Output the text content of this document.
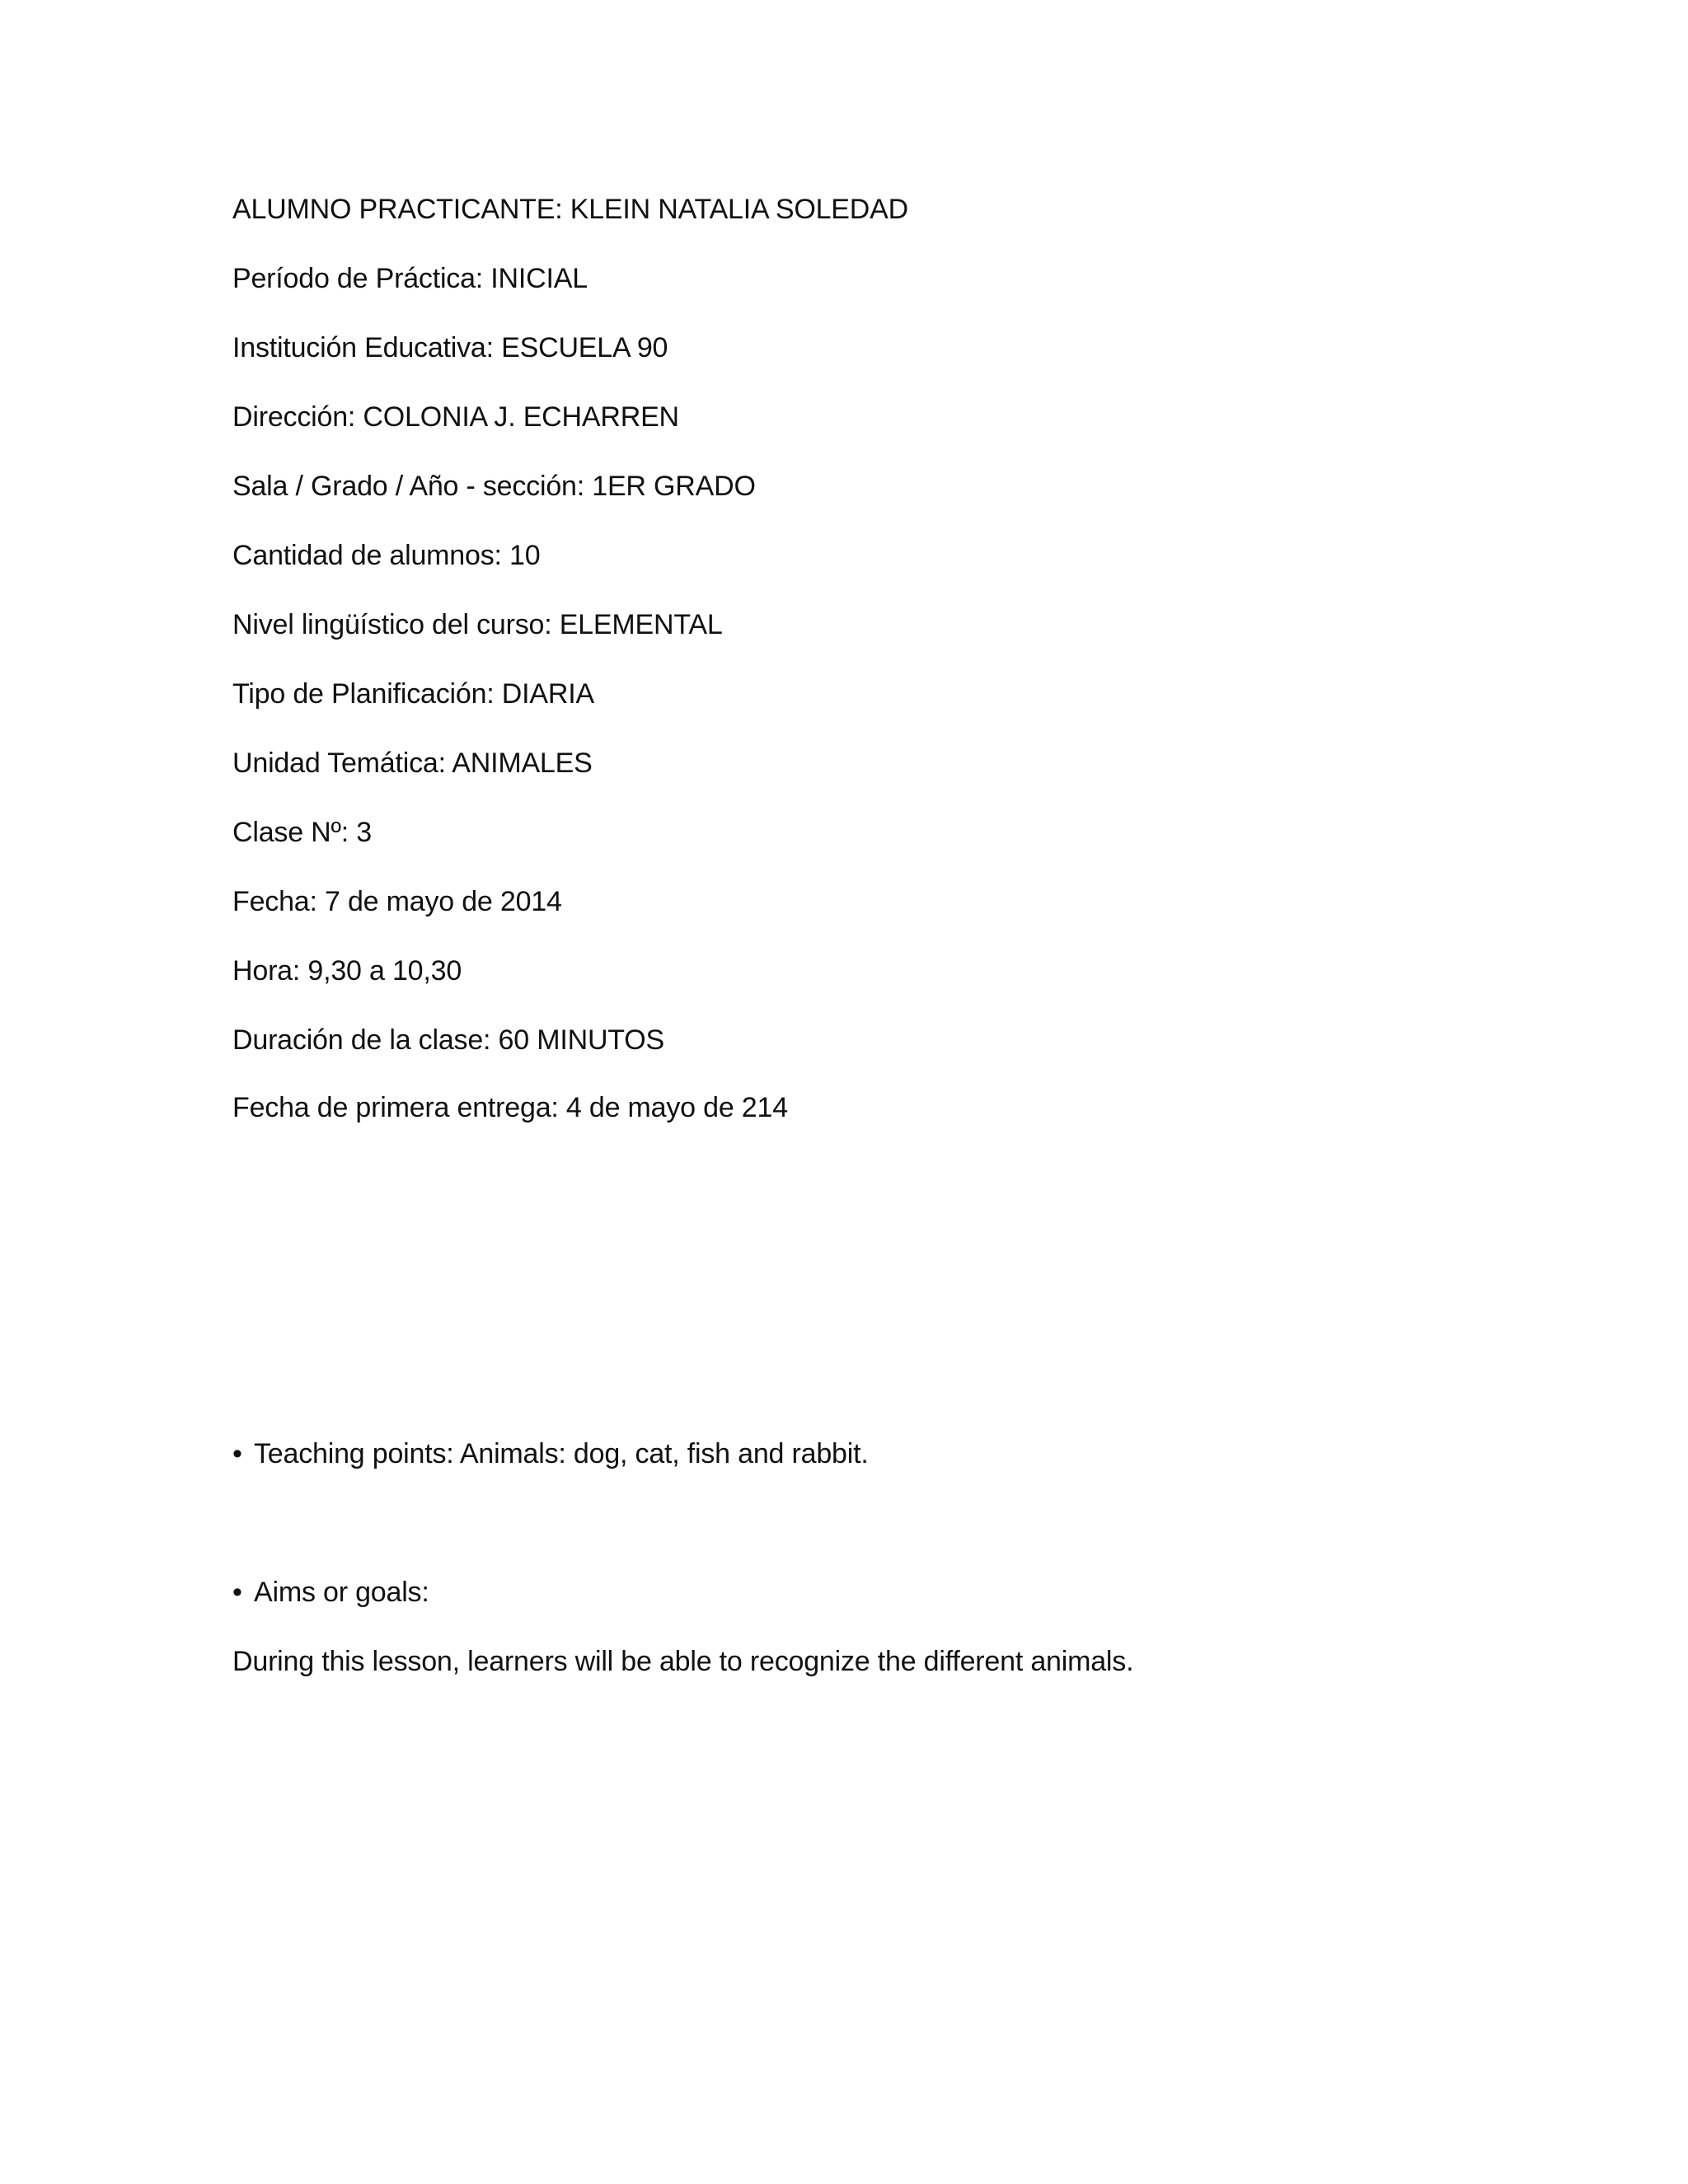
ALUMNO PRACTICANTE: KLEIN NATALIA SOLEDAD
Período de Práctica: INICIAL
Institución Educativa: ESCUELA 90
Dirección: COLONIA J. ECHARREN
Sala / Grado / Año - sección: 1ER GRADO
Cantidad de alumnos: 10
Nivel lingüístico del curso: ELEMENTAL
Tipo de Planificación: DIARIA
Unidad Temática: ANIMALES
Clase Nº: 3
Fecha: 7 de mayo de 2014
Hora: 9,30 a 10,30
Duración de la clase: 60 MINUTOS
Fecha de primera entrega: 4 de mayo de 214
• Teaching points: Animals: dog, cat, fish and rabbit.
• Aims or goals:
During this lesson, learners will be able to recognize the different animals.
